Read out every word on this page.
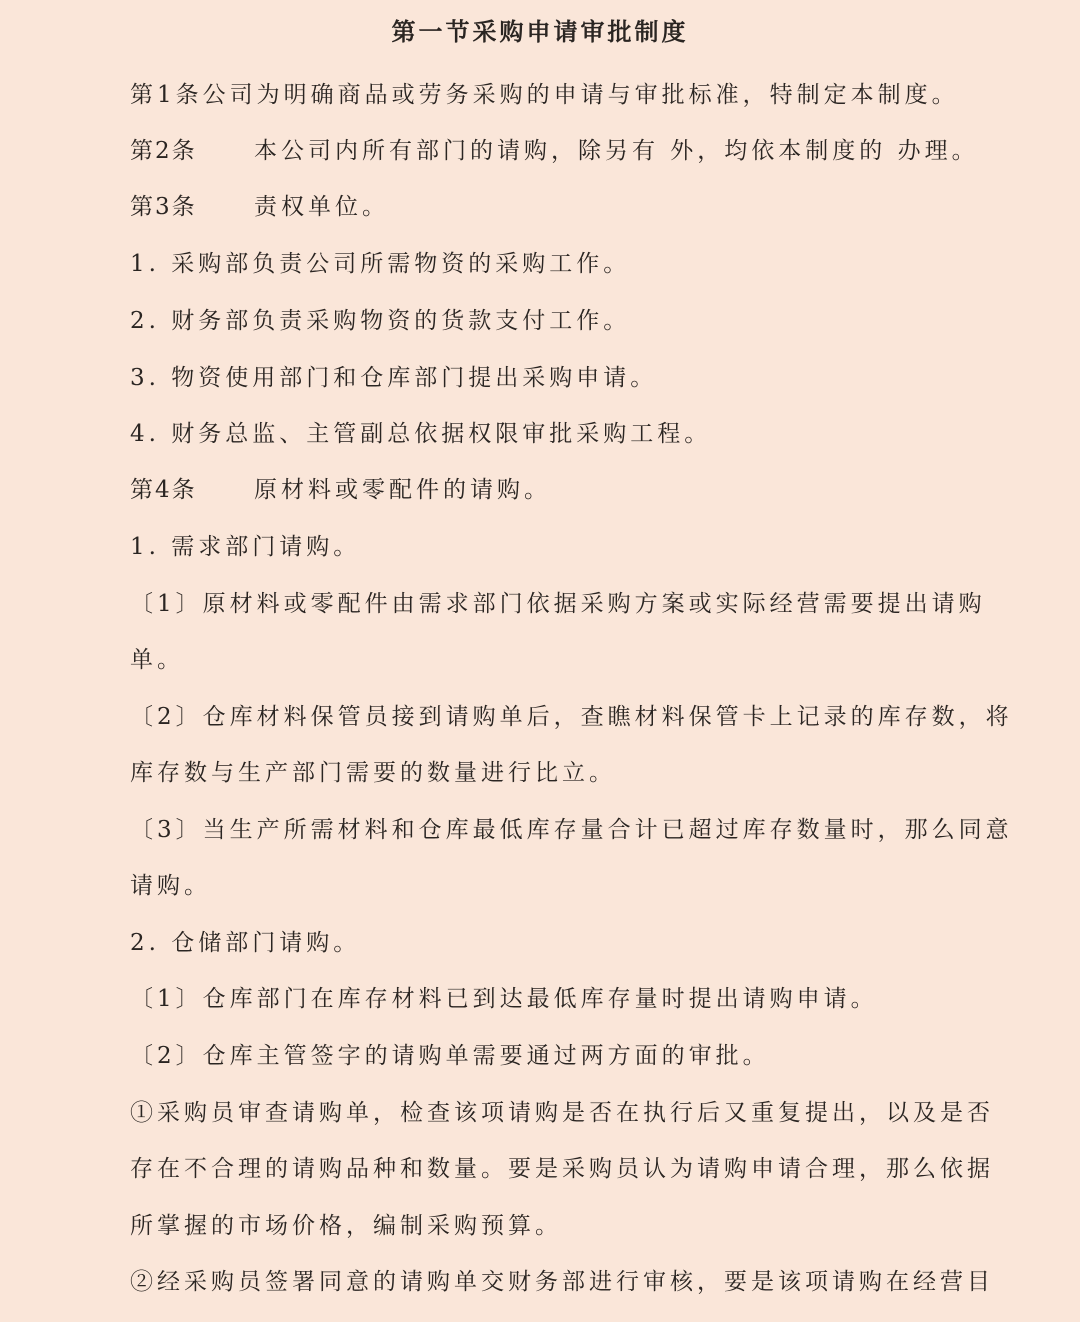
第一节采购申请审批制度
第1条公司为明确商品或劳务采购的申请与审批标准，特制定本制度。
第2条 本公司内所有部门的请购，除另有 外，均依本制度的 办理。
第3条 责权单位。
1. 采购部负责公司所需物资的采购工作。
2. 财务部负责采购物资的货款支付工作。
3. 物资使用部门和仓库部门提出采购申请。
4. 财务总监、主管副总依据权限审批采购工程。
第4条 原材料或零配件的请购。
1. 需求部门请购。
〔1〕原材料或零配件由需求部门依据采购方案或实际经营需要提出请购
单。
〔2〕仓库材料保管员接到请购单后，查瞧材料保管卡上记录的库存数，将
库存数与生产部门需要的数量进行比立。
〔3〕当生产所需材料和仓库最低库存量合计已超过库存数量时，那么同意
请购。
2. 仓储部门请购。
〔1〕仓库部门在库存材料已到达最低库存量时提出请购申请。
〔2〕仓库主管签字的请购单需要通过两方面的审批。
①采购员审查请购单，检查该项请购是否在执行后又重复提出，以及是否
存在不合理的请购品种和数量。要是采购员认为请购申请合理，那么依据
所掌握的市场价格，编制采购预算。
②经采购员签署同意的请购单交财务部进行审核，要是该项请购在经营目
